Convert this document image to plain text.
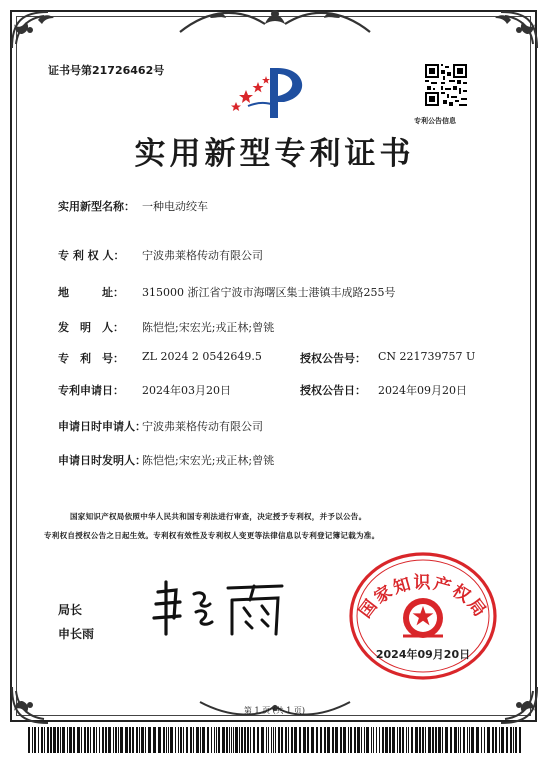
证书号第21726462号
专利公告信息
实用新型专利证书
实用新型名称： 一种电动绞车
专 利 权 人： 宁波弗莱格传动有限公司
地　　　址： 315000 浙江省宁波市海曙区集士港镇丰成路255号
发　明　人： 陈恺恺;宋宏光;戎正林;曾铫
专　利　号： ZL 2024 2 0542649.5	授权公告号： CN 221739757 U
专利申请日： 2024年03月20日	授权公告日： 2024年09月20日
申请日时申请人：
宁波弗莱格传动有限公司
申请日时发明人：
陈恺恺;宋宏光;戎正林;曾铫
国家知识产权局依照中华人民共和国专利法进行审查，决定授予专利权，并予以公告。
专利权自授权公告之日起生效。专利权有效性及专利权人变更等法律信息以专利登记簿记载为准。
局长
申长雨
国家知识产权局
2024年09月20日
第 1 页 (共 1 页)
